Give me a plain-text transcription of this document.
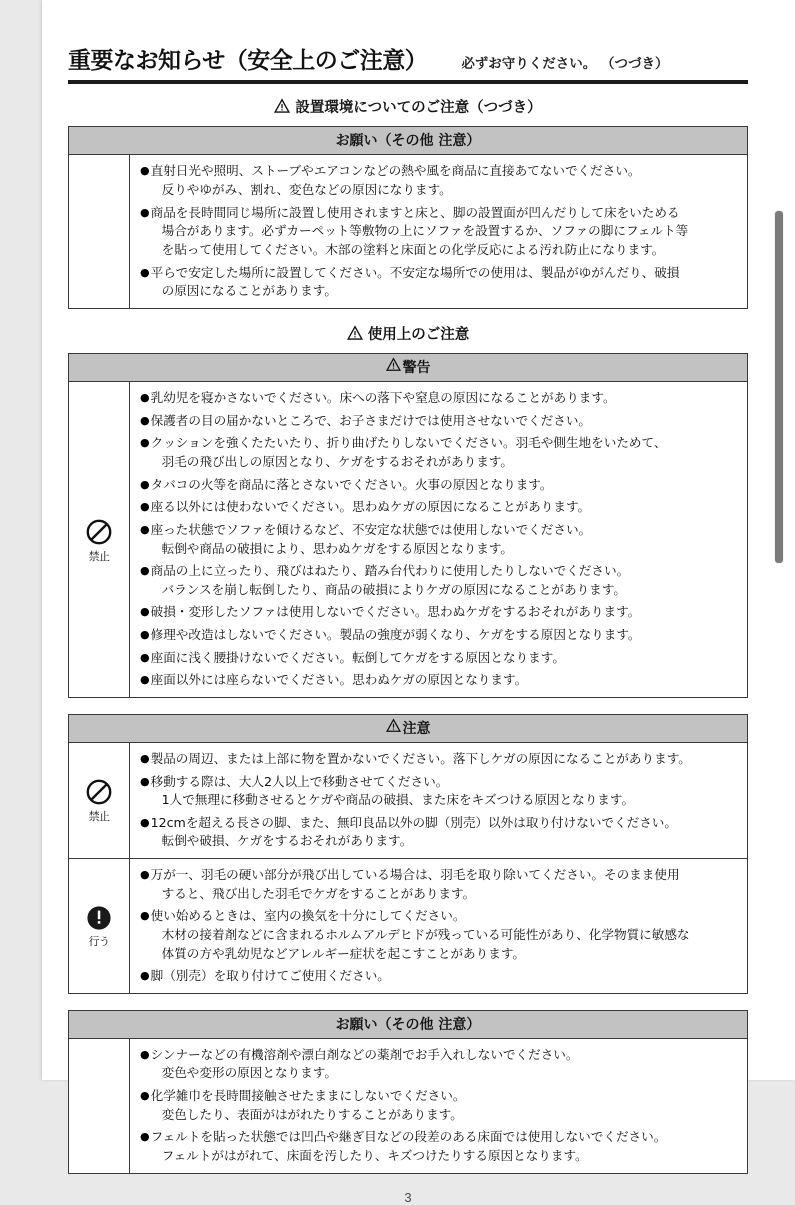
重要なお知らせ（安全上のご注意）	必ずお守りください。 （つづき）
設置環境についてのご注意（つづき）
お願い（その他 注意）
● 直射日光や照明、ストーブやエアコンなどの熱や風を商品に直接あてないでください。
反りやゆがみ、割れ、変色などの原因になります。
● 商品を長時間同じ場所に設置し使用されますと床と、脚の設置面が凹んだりして床をいためる
場合があります。必ずカーペット等敷物の上にソファを設置するか、ソファの脚にフェルト等
を貼って使用してください。木部の塗料と床面との化学反応による汚れ防止になります。
● 平らで安定した場所に設置してください。不安定な場所での使用は、製品がゆがんだり、破損
の原因になることがあります。
使用上のご注意
警告
禁止
● 乳幼児を寝かさないでください。床への落下や窒息の原因になることがあります。
● 保護者の目の届かないところで、お子さまだけでは使用させないでください。
● クッションを強くたたいたり、折り曲げたりしないでください。羽毛や側生地をいためて、
羽毛の飛び出しの原因となり、ケガをするおそれがあります。
● タバコの火等を商品に落とさないでください。火事の原因となります。
● 座る以外には使わないでください。思わぬケガの原因になることがあります。
● 座った状態でソファを傾けるなど、不安定な状態では使用しないでください。
転倒や商品の破損により、思わぬケガをする原因となります。
● 商品の上に立ったり、飛びはねたり、踏み台代わりに使用したりしないでください。
バランスを崩し転倒したり、商品の破損によりケガの原因になることがあります。
● 破損・変形したソファは使用しないでください。思わぬケガをするおそれがあります。
● 修理や改造はしないでください。製品の強度が弱くなり、ケガをする原因となります。
● 座面に浅く腰掛けないでください。転倒してケガをする原因となります。
● 座面以外には座らないでください。思わぬケガの原因となります。
注意
禁止
● 製品の周辺、または上部に物を置かないでください。落下しケガの原因になることがあります。
● 移動する際は、大人2人以上で移動させてください。
1人で無理に移動させるとケガや商品の破損、また床をキズつける原因となります。
● 12cmを超える長さの脚、また、無印良品以外の脚（別売）以外は取り付けないでください。
転倒や破損、ケガをするおそれがあります。
行う
● 万が一、羽毛の硬い部分が飛び出している場合は、羽毛を取り除いてください。そのまま使用
すると、飛び出した羽毛でケガをすることがあります。
● 使い始めるときは、室内の換気を十分にしてください。
木材の接着剤などに含まれるホルムアルデヒドが残っている可能性があり、化学物質に敏感な
体質の方や乳幼児などアレルギー症状を起こすことがあります。
● 脚（別売）を取り付けてご使用ください。
お願い（その他 注意）
● シンナーなどの有機溶剤や漂白剤などの薬剤でお手入れしないでください。
変色や変形の原因となります。
● 化学雑巾を長時間接触させたままにしないでください。
変色したり、表面がはがれたりすることがあります。
● フェルトを貼った状態では凹凸や継ぎ目などの段差のある床面では使用しないでください。
フェルトがはがれて、床面を汚したり、キズつけたりする原因となります。
3
